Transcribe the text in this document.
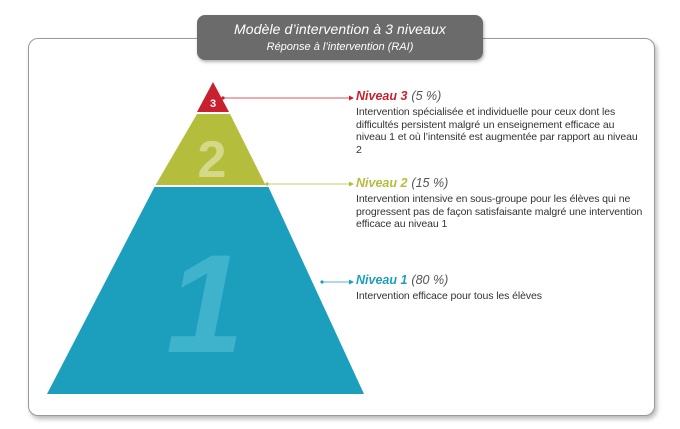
1
2
3
Modèle d’intervention à 3 niveaux
Réponse à l’intervention (RAI)
Niveau 3 (5 %)
Intervention spécialisée et individuelle pour ceux dont les difficultés persistent malgré un enseignement efficace au niveau 1 et où l’intensité est augmentée par rapport au niveau 2
Niveau 2 (15 %)
Intervention intensive en sous-groupe pour les élèves qui ne progressent pas de façon satisfaisante malgré une intervention efficace au niveau 1
Niveau 1 (80 %)
Intervention efficace pour tous les élèves
